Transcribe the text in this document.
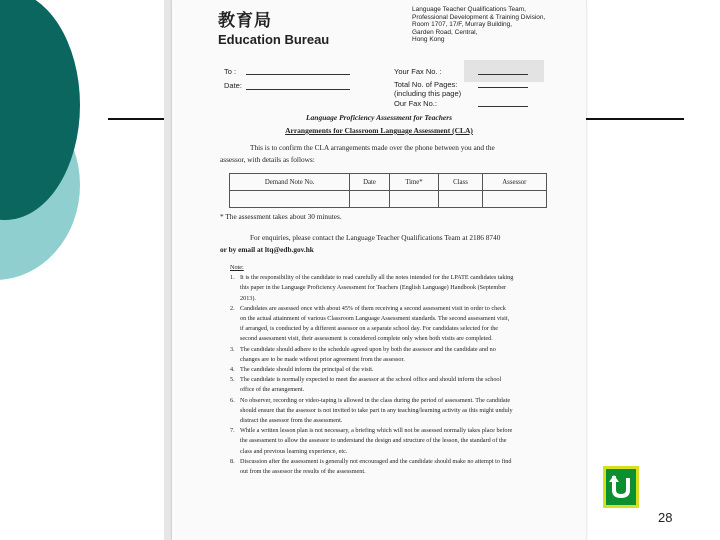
教育局
Education Bureau
Language Teacher Qualifications Team,
Professional Development & Training Division,
Room 1707, 17/F, Murray Building,
Garden Road, Central,
Hong Kong
To :
Date:
Your Fax No. :
Total No. of Pages:
(including this page)
Our Fax No.:
Language Proficiency Assessment for Teachers
Arrangements for Classroom Language Assessment (CLA)
This is to confirm the CLA arrangements made over the phone between you and the
assessor, with details as follows:
Demand Note No.	Date	Time*	Class	Assessor

* The assessment takes about 30 minutes.
For enquiries, please contact the Language Teacher Qualifications Team at 2186 8740
or by email at ltq@edb.gov.hk
Note:
1. It is the responsibility of the candidate to read carefully all the notes intended for the LPATE candidates taking
this paper in the Language Proficiency Assessment for Teachers (English Language) Handbook (September
2013).
2. Candidates are assessed once with about 45% of them receiving a second assessment visit in order to check
on the actual attainment of various Classroom Language Assessment standards. The second assessment visit,
if arranged, is conducted by a different assessor on a separate school day. For candidates selected for the
second assessment visit, their assessment is considered complete only when both visits are completed.
3. The candidate should adhere to the schedule agreed upon by both the assessor and the candidate and no
changes are to be made without prior agreement from the assessor.
4. The candidate should inform the principal of the visit.
5. The candidate is normally expected to meet the assessor at the school office and should inform the school
office of the arrangement.
6. No observer, recording or video-taping is allowed in the class during the period of assessment. The candidate
should ensure that the assessor is not invited to take part in any teaching/learning activity as this might unduly
distract the assessor from the assessment.
7. While a written lesson plan is not necessary, a briefing which will not be assessed normally takes place before
the assessment to allow the assessor to understand the design and structure of the lesson, the standard of the
class and previous learning experience, etc.
8. Discussion after the assessment is generally not encouraged and the candidate should make no attempt to find
out from the assessor the results of the assessment.
28
